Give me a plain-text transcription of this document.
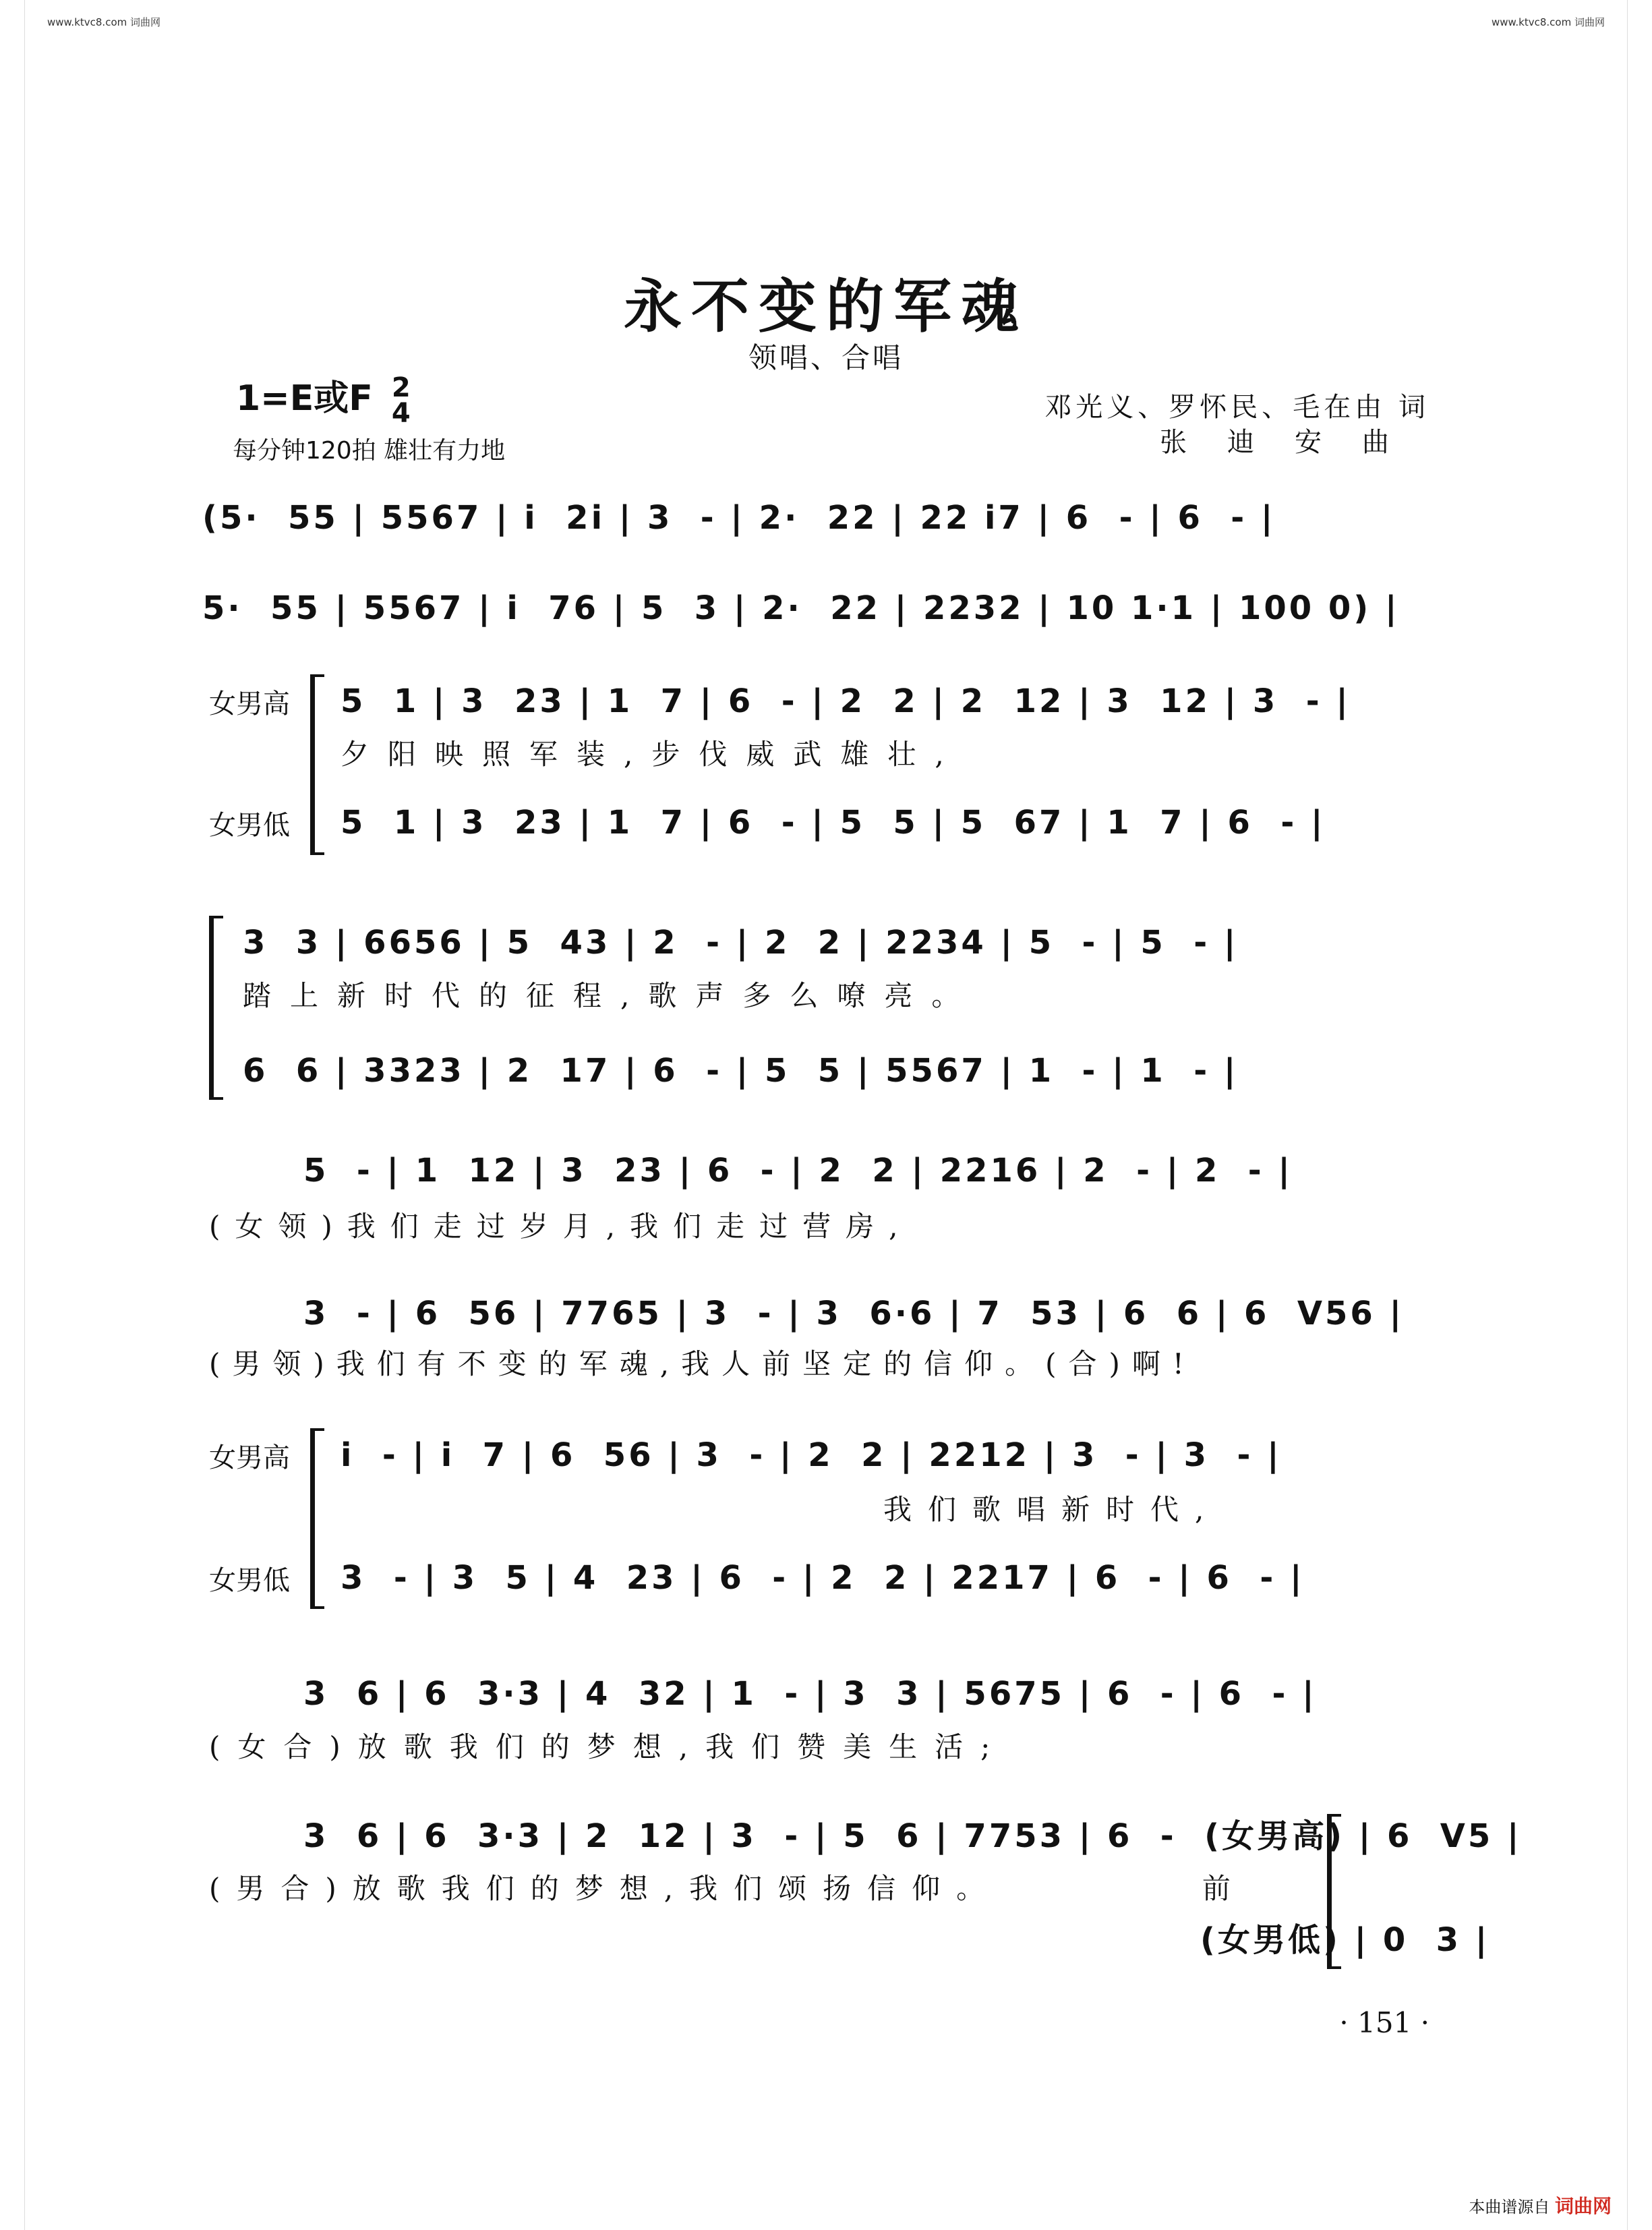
www.ktvc8.com 词曲网	www.ktvc8.com 词曲网
永不变的军魂
领唱、合唱
1=E或F 2
4
每分钟120拍 雄壮有力地
邓光义、罗怀民、毛在由 词
张迪安曲
(5·  55 | 5567 | i  2i | 3  - | 2·  22 | 22 i7 | 6  - | 6  - |
5·  55 | 5567 | i  76 | 5  3 | 2·  22 | 2232 | 10 1·1 | 100 0) |
女男高 5  1 | 3  23 | 1  7 | 6  - | 2  2 | 2  12 | 3  12 | 3  - |
夕阳映照军装,步伐威武雄壮,
女男低 5  1 | 3  23 | 1  7 | 6  - | 5  5 | 5  67 | 1  7 | 6  - |
3  3 | 6656 | 5  43 | 2  - | 2  2 | 2234 | 5  - | 5  - |
踏上新时代的征程,歌声多么嘹亮。
6  6 | 3323 | 2  17 | 6  - | 5  5 | 5567 | 1  - | 1  - |
5  - | 1  12 | 3  23 | 6  - | 2  2 | 2216 | 2  - | 2  - |
(女领)我们走过岁月,我们走过营房,
3  - | 6  56 | 7765 | 3  - | 3  6·6 | 7  53 | 6  6 | 6  V56 |
(男领)我们有不变的军魂,我人前坚定的信仰。(合)啊!
女男高 i  - | i  7 | 6  56 | 3  - | 2  2 | 2212 | 3  - | 3  - |
我们歌唱新时代,
女男低 3  - | 3  5 | 4  23 | 6  - | 2  2 | 2217 | 6  - | 6  - |
3  6 | 6  3·3 | 4  32 | 1  - | 3  3 | 5675 | 6  - | 6  - |
(女合)放歌我们的梦想,我们赞美生活;
3  6 | 6  3·3 | 2  12 | 3  - | 5  6 | 7753 | 6  -  (女男高) | 6  V5 |
(男合)放歌我们的梦想,我们颂扬信仰。        前
(女男低) | 0  3 |
· 151 ·
本曲谱源自 词曲网
